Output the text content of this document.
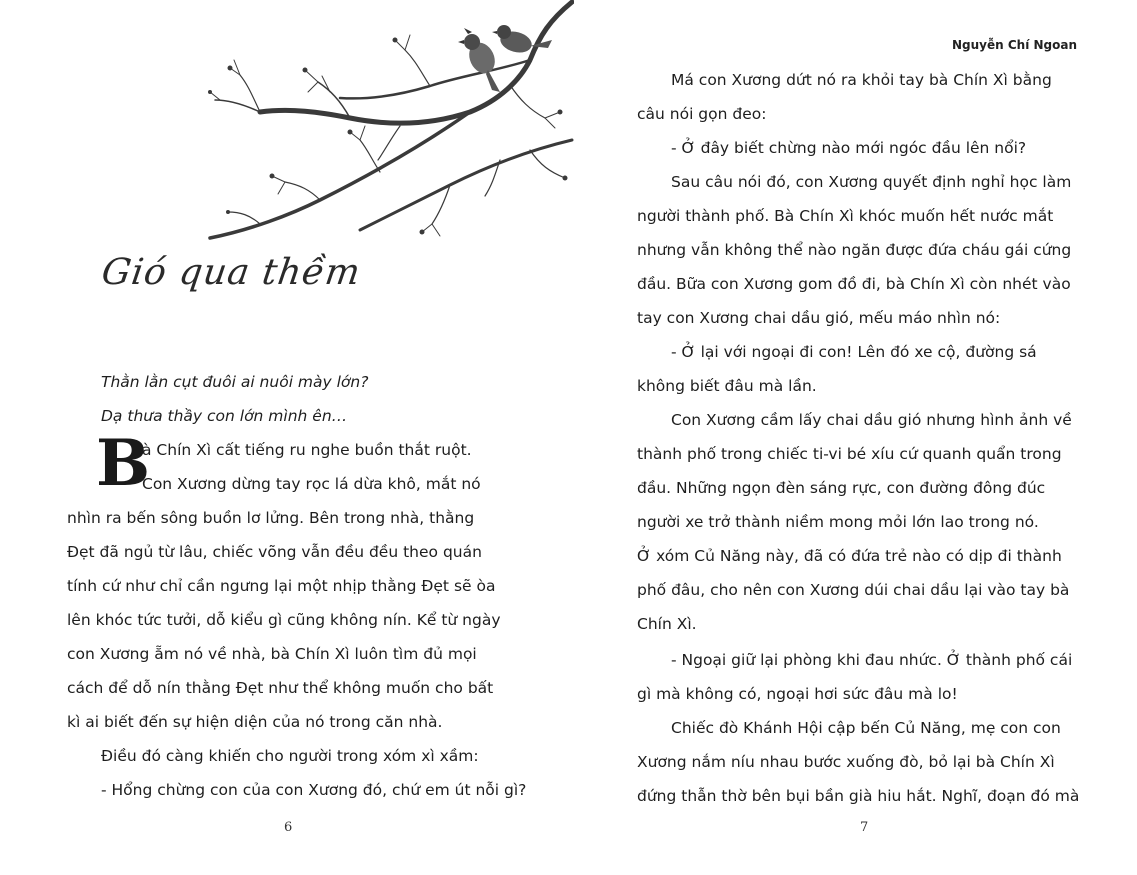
Gió qua thềm
Thằn lằn cụt đuôi ai nuôi mày lớn?
Dạ thưa thầy con lớn mình ên…
B
à Chín Xì cất tiếng ru nghe buồn thắt ruột.
Con Xương dừng tay rọc lá dừa khô, mắt nó
nhìn ra bến sông buồn lơ lửng. Bên trong nhà, thằng
Đẹt đã ngủ từ lâu, chiếc võng vẫn đều đều theo quán
tính cứ như chỉ cần ngưng lại một nhịp thằng Đẹt sẽ òa
lên khóc tức tưởi, dỗ kiểu gì cũng không nín. Kể từ ngày
con Xương ẵm nó về nhà, bà Chín Xì luôn tìm đủ mọi
cách để dỗ nín thằng Đẹt như thể không muốn cho bất
kì ai biết đến sự hiện diện của nó trong căn nhà.
Điều đó càng khiến cho người trong xóm xì xầm:
- Hổng chừng con của con Xương đó, chứ em út nỗi gì?
6
Nguyễn Chí Ngoan
Má con Xương dứt nó ra khỏi tay bà Chín Xì bằng
câu nói gọn đeo:
- Ở đây biết chừng nào mới ngóc đầu lên nổi?
Sau câu nói đó, con Xương quyết định nghỉ học làm
người thành phố. Bà Chín Xì khóc muốn hết nước mắt
nhưng vẫn không thể nào ngăn được đứa cháu gái cứng
đầu. Bữa con Xương gom đồ đi, bà Chín Xì còn nhét vào
tay con Xương chai dầu gió, mếu máo nhìn nó:
- Ở lại với ngoại đi con! Lên đó xe cộ, đường sá
không biết đâu mà lần.
Con Xương cầm lấy chai dầu gió nhưng hình ảnh về
thành phố trong chiếc ti-vi bé xíu cứ quanh quẩn trong
đầu. Những ngọn đèn sáng rực, con đường đông đúc
người xe trở thành niềm mong mỏi lớn lao trong nó.
Ở xóm Củ Năng này, đã có đứa trẻ nào có dịp đi thành
phố đâu, cho nên con Xương dúi chai dầu lại vào tay bà
Chín Xì.
- Ngoại giữ lại phòng khi đau nhức. Ở thành phố cái
gì mà không có, ngoại hơi sức đâu mà lo!
Chiếc đò Khánh Hội cập bến Củ Năng, mẹ con con
Xương nắm níu nhau bước xuống đò, bỏ lại bà Chín Xì
đứng thẫn thờ bên bụi bần già hiu hắt. Nghĩ, đoạn đó mà
7
